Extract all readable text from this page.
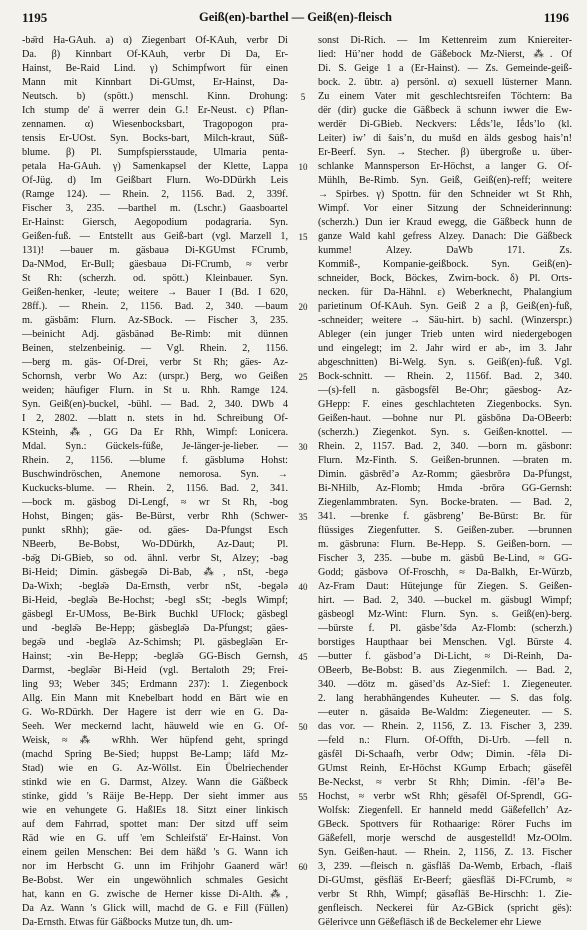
1195	Geiß(en)-barthel — Geiß(en)-fleisch	1196
-bə̄rd Ha-GAuh. a) α) Ziegenbart Of-KAuh, verbr Di
Da. β) Kinnbart Of-KAuh, verbr Di Da, Er-
Hainst, Be-Raid Lind. γ) Schimpfwort für einen
Mann mit Kinnbart Di-GUmst, Er-Hainst, Da-
Neutsch. b) (spött.) menschl. Kinn. Drohung:
Ich stump de' ä werrer dein G.! Er-Neust. c) Pflan-
zennamen. α) Wiesenbocksbart, Tragopogon pra-
tensis Er-UOst. Syn. Bocks-bart, Milch-kraut, Süß-
blume. β) Pl. Sumpfspiersstaude, Ulmaria penta-
petala Ha-GAuh. γ) Samenkapsel der Klette, Lappa
Of-Jüg. d) Im Geißbart Flurn. Wo-DDürkh Leis
(Ramge 124). — Rhein. 2, 1156. Bad. 2, 339f.
Fischer 3, 235. —barthel m. (Lschr.) Gaasboartel
Er-Hainst: Giersch, Aegopodium podagraria. Syn.
Geißen-fuß. — Entstellt aus Geiß-bart (vgl. Marzell 1,
131)! —bauer m. gäsbauə Di-KGUmst FCrumb,
Da-NMod, Er-Bull; gäesbauə Di-FCrumb, ≈ verbr
St Rh: (scherzh. od. spött.) Kleinbauer. Syn.
Geißen-henker, -leute; weitere → Bauer I (Bd. I 620,
28ff.). — Rhein. 2, 1156. Bad. 2, 340. —baum
m. gäsbām: Flurn. Az-SBock. — Fischer 3, 235.
—beinicht Adj. gäsbänəd Be-Rimb: mit dünnen
Beinen, stelzenbeinig. — Vgl. Rhein. 2, 1156.
—berg m. gäs- Of-Drei, verbr St Rh; gäes- Az-
Schornsh, verbr Wo Az: (urspr.) Berg, wo Geißen
weiden; häufiger Flurn. in St u. Rhh. Ramge 124.
Syn. Geiß(en)-buckel, -bühl. — Bad. 2, 340. DWb 4
I 2, 2802. —blatt n. stets in hd. Schreibung Of-
KSteinh, ⁂, GG Da Er Rhh, Wimpf: Lonicera.
Mdal. Syn.: Gückels-füße, Je-länger-je-lieber. —
Rhein. 2, 1156. —blume f. gäsblumə Hohst:
Buschwindröschen, Anemone nemorosa. Syn. →
Kuckucks-blume. — Rhein. 2, 1156. Bad. 2, 341.
—bock m. gäsbog Di-Lengf, ≈ wr St Rh, -bog
Hohst, Bingen; gäs- Be-Bürst, verbr Rhh (Schwer-
punkt sRhh); gäe- od. gäes- Da-Pfungst Esch
NBeerb, Be-Bobst, Wo-DDürkh, Az-Daut; Pl.
-bə̄g Di-GBieb, so od. ähnl. verbr St, Alzey; -bəg
Bi-Heid; Dimin. gäsbegə̄ə Di-Bab, ⁂, nSt, -begə
Da-Wixh; -beglə̄ə Da-Ernsth, verbr nSt, -begələ
Bi-Heid, -beglə̄ə Be-Hochst; -begl sSt; -begls Wimpf;
gäsbegl Er-UMoss, Be-Birk Buchkl UFlock; gäsbegl
und -beglə̄ə Be-Hepp; gäsbeglə̄ə Da-Pfungst; gäes-
begə̄ə und -beglə̄ə Az-Schimsh; Pl. gäsbeglə̄ən Er-
Hainst; -ɤin Be-Hepp; -beglə̄ə GG-Bisch Gernsh,
Darmst, -beglə̄ər Bi-Heid (vgl. Bertaloth 29; Frei-
ling 93; Weber 345; Erdmann 237): 1. Ziegenbock
Allg. Ein Mann mit Knebelbart hodd en Bärt wie en
G. Wo-RDürkh. Der Hagere ist derr wie en G. Da-
Seeh. Wer meckernd lacht, häuweld wie en G. Of-
Weisk, ≈ ⁂ wRhh. Wer hüpfend geht, springd
(machd Spring Be-Sied; huppst Be-Lamp; läfd Mz-
Stad) wie en G. Az-Wöllst. Ein Übelriechender
stinkd wie en G. Darmst, Alzey. Wann die Gäßbeck
stinke, gidd 's Räije Be-Hepp. Der sieht immer aus
wie en vehungete G. HaßlEs 18. Sitzt einer linkisch
auf dem Fahrrad, spottet man: Der sitzd uff seim
Räd wie en G. uff 'em Schleifstä' Er-Hainst. Von
einem geilen Menschen: Bei dem häßd 's G. Wann ich
nor im Herbscht G. unn im Frihjohr Gaanerd wär!
Be-Bobst. Wer ein ungewöhnlich schmales Gesicht
hat, kann en G. zwische de Herner kisse Di-Alth. ⁂,
Da Az. Wann 's Glick will, machd de G. e Fill (Füllen)
Da-Ernsth. Etwas für Gäßbocks Mutze tun, dh. um-
5
10
15
20
25
30
35
40
45
50
55
60
sonst Di-Rich. — Im Kettenreim zum Kniereiter-
lied: Hüʼner hodd de Gäßebock Mz-Nierst, ⁂. Of
Di. S. Geige 1 a (Er-Hainst). — Zs. Gemeinde-geiß-
bock. 2. übtr. a) persönl. α) sexuell lüsterner Mann.
Zu einem Vater mit geschlechtsreifen Töchtern: Ba
dër (dir) gucke die Gäßbeck ä schunn iwwer die Ew-
werdër Di-GBieb. Neckvers: Lḗdsʼle, Iḗdsʼlo (kl.
Leiter) iwʼ di šaisʼn, du mušd en älds gesbog haisʼn!
Er-Beerf. Syn. → Stecher. β) übergroße u. über-
schlanke Mannsperson Er-Höchst, a langer G. Of-
Mühlh, Be-Rimb. Syn. Geiß, Geiß(en)-reff; weitere
→ Spirbes. γ) Spottn. für den Schneider wt St Rhh,
Wimpf. Vor einer Sitzung der Schneiderinnung:
(scherzh.) Dun ier Kraud ewegg, die Gäßbeck hunn de
ganze Wald kahl gefress Alzey. Danach: Die Gäßbeck
kumme! Alzey. DaWb 171. Zs.
Kommiß-, Kompanie-geißbock. Syn. Geiß(en)-
schneider, Bock, Böckes, Zwirn-bock. δ) Pl. Orts-
necken. für Da-Hähnl. ε) Weberknecht, Phalangium
parietinum Of-KAuh. Syn. Geiß 2 a β, Geiß(en)-fuß,
-schneider; weitere → Säu-hirt. b) sachl. (Winzerspr.)
Ableger (ein junger Trieb unten wird niedergebogen
und eingelegt; im 2. Jahr wird er ab-, im 3. Jahr
abgeschnitten) Bi-Welg. Syn. s. Geiß(en)-fuß. Vgl.
Bock-schnitt. — Rhein. 2, 1156f. Bad. 2, 340.
—(s)-fell n. gäsbogsfĕl Be-Ohr; gäesbog- Az-
GHepp: F. eines geschlachteten Ziegenbocks. Syn.
Geißen-haut. —bohne nur Pl. gäsbōnə Da-OBeerb:
(scherzh.) Ziegenkot. Syn. s. Geißen-knottel. —
Rhein. 2, 1157. Bad. 2, 340. —born m. gäsbonr:
Flurn. Mz-Finth. S. Geißen-brunnen. —braten m.
Dimin. gäsbrēdʼə Az-Romm; gäesbrōrə Da-Pfungst,
Bi-NHilb, Az-Flomb; Hmda -brōrə GG-Gernsh:
Ziegenlammbraten. Syn. Bocke-braten. — Bad. 2,
341. —brenke f. gäsbrengʼ Be-Bürst: Br. für
flüssiges Ziegenfutter. S. Geißen-zuber. —brunnen
m. gäsbrunə: Flurn. Be-Hepp. S. Geißen-born. —
Fischer 3, 235. —bube m. gäsbū Be-Lind, ≈ GG-
Godd; gäsbovə Of-Froschh, ≈ Da-Balkh, Er-Würzb,
Az-Fram Daut: Hütejunge für Ziegen. S. Geißen-
hirt. — Bad. 2, 340. —buckel m. gäsbugl Wimpf;
gäsbeogl Mz-Wint: Flurn. Syn. s. Geiß(en)-berg.
—bürste f. Pl. gäsbeʼšdə Az-Flomb: (scherzh.)
borstiges Haupthaar bei Menschen. Vgl. Bürste 4.
—butter f. gäsbodʼə Di-Licht, ≈ Di-Reinh, Da-
OBeerb, Be-Bobst: B. aus Ziegenmilch. — Bad. 2,
340. —dötz m. gäsedʼds Az-Sief: 1. Ziegeneuter.
2. lang herabhängendes Kuheuter. — S. das folg.
—euter n. gäsaidə Be-Waldm: Ziegeneuter. — S.
das vor. — Rhein. 2, 1156, Z. 13. Fischer 3, 239.
—feld n.: Flurn. Of-Offth, Di-Urb. —fell n.
gäsfĕl Di-Schaafh, verbr Odw; Dimin. -fĕlə Di-
GUmst Reinh, Er-Höchst KGump Erbach; gäsefĕl
Be-Neckst, ≈ verbr St Rhh; Dimin. -fĕlʼə Be-
Hochst, ≈ verbr wSt Rhh; gësəfĕl Of-Sprendl, GG-
Wolfsk: Ziegenfell. Er hanneld medd Gäßefellchʼ Az-
GBeck. Spottvers für Rothaarige: Rörer Fuchs im
Gäßefell, morje werschd de ausgestelld! Mz-OOlm.
Syn. Geißen-haut. — Rhein. 2, 1156, Z. 13. Fischer
3, 239. —fleisch n. gäsflăš Da-Wemb, Erbach, -flaiš
Di-GUmst, gësfläš Er-Beerf; gäesfläš Di-FCrumb, ≈
verbr St Rhh, Wimpf; gäsəfläš Be-Hirschh: 1. Zie-
genfleisch. Neckerei für Az-GBick (spricht gës):
Gëlerivce unn Gëßefläsch iß de Beckelemer ehr Liewe
